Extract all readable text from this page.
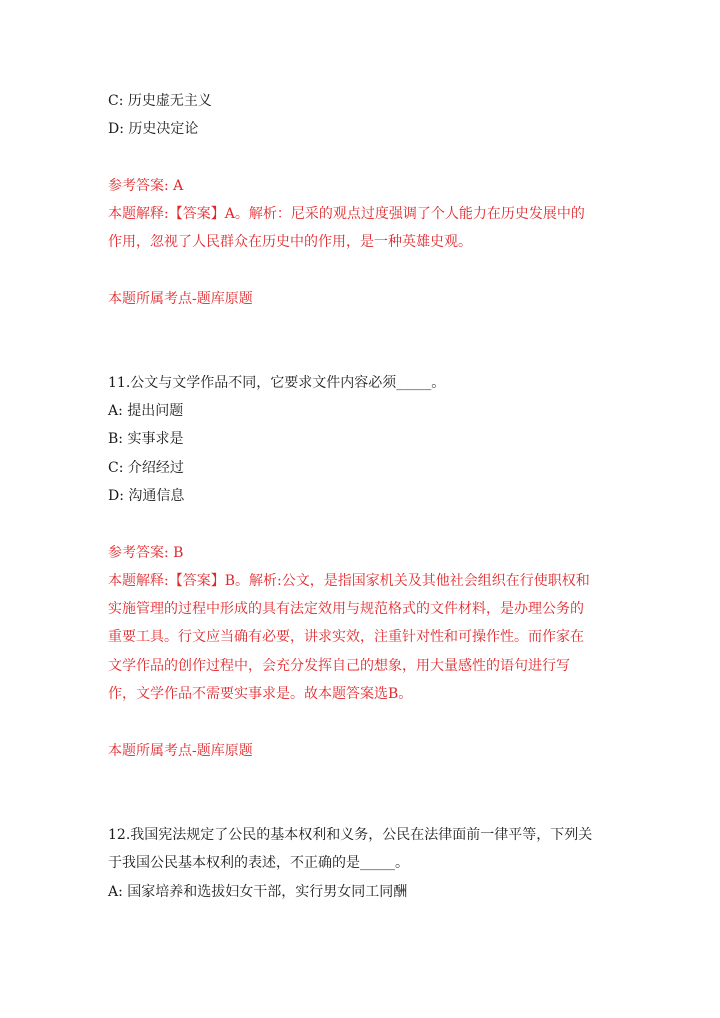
C: 历史虚无主义
D: 历史决定论
参考答案: A
本题解释:【答案】A。解析：尼采的观点过度强调了个人能力在历史发展中的
作用，忽视了人民群众在历史中的作用，是一种英雄史观。
本题所属考点-题库原题
11.公文与文学作品不同，它要求文件内容必须_____。
A: 提出问题
B: 实事求是
C: 介绍经过
D: 沟通信息
参考答案: B
本题解释:【答案】B。解析:公文，是指国家机关及其他社会组织在行使职权和
实施管理的过程中形成的具有法定效用与规范格式的文件材料，是办理公务的
重要工具。行文应当确有必要，讲求实效，注重针对性和可操作性。而作家在
文学作品的创作过程中，会充分发挥自己的想象，用大量感性的语句进行写
作，文学作品不需要实事求是。故本题答案选B。
本题所属考点-题库原题
12.我国宪法规定了公民的基本权利和义务，公民在法律面前一律平等，下列关
于我国公民基本权利的表述，不正确的是_____。
A: 国家培养和选拔妇女干部，实行男女同工同酬
